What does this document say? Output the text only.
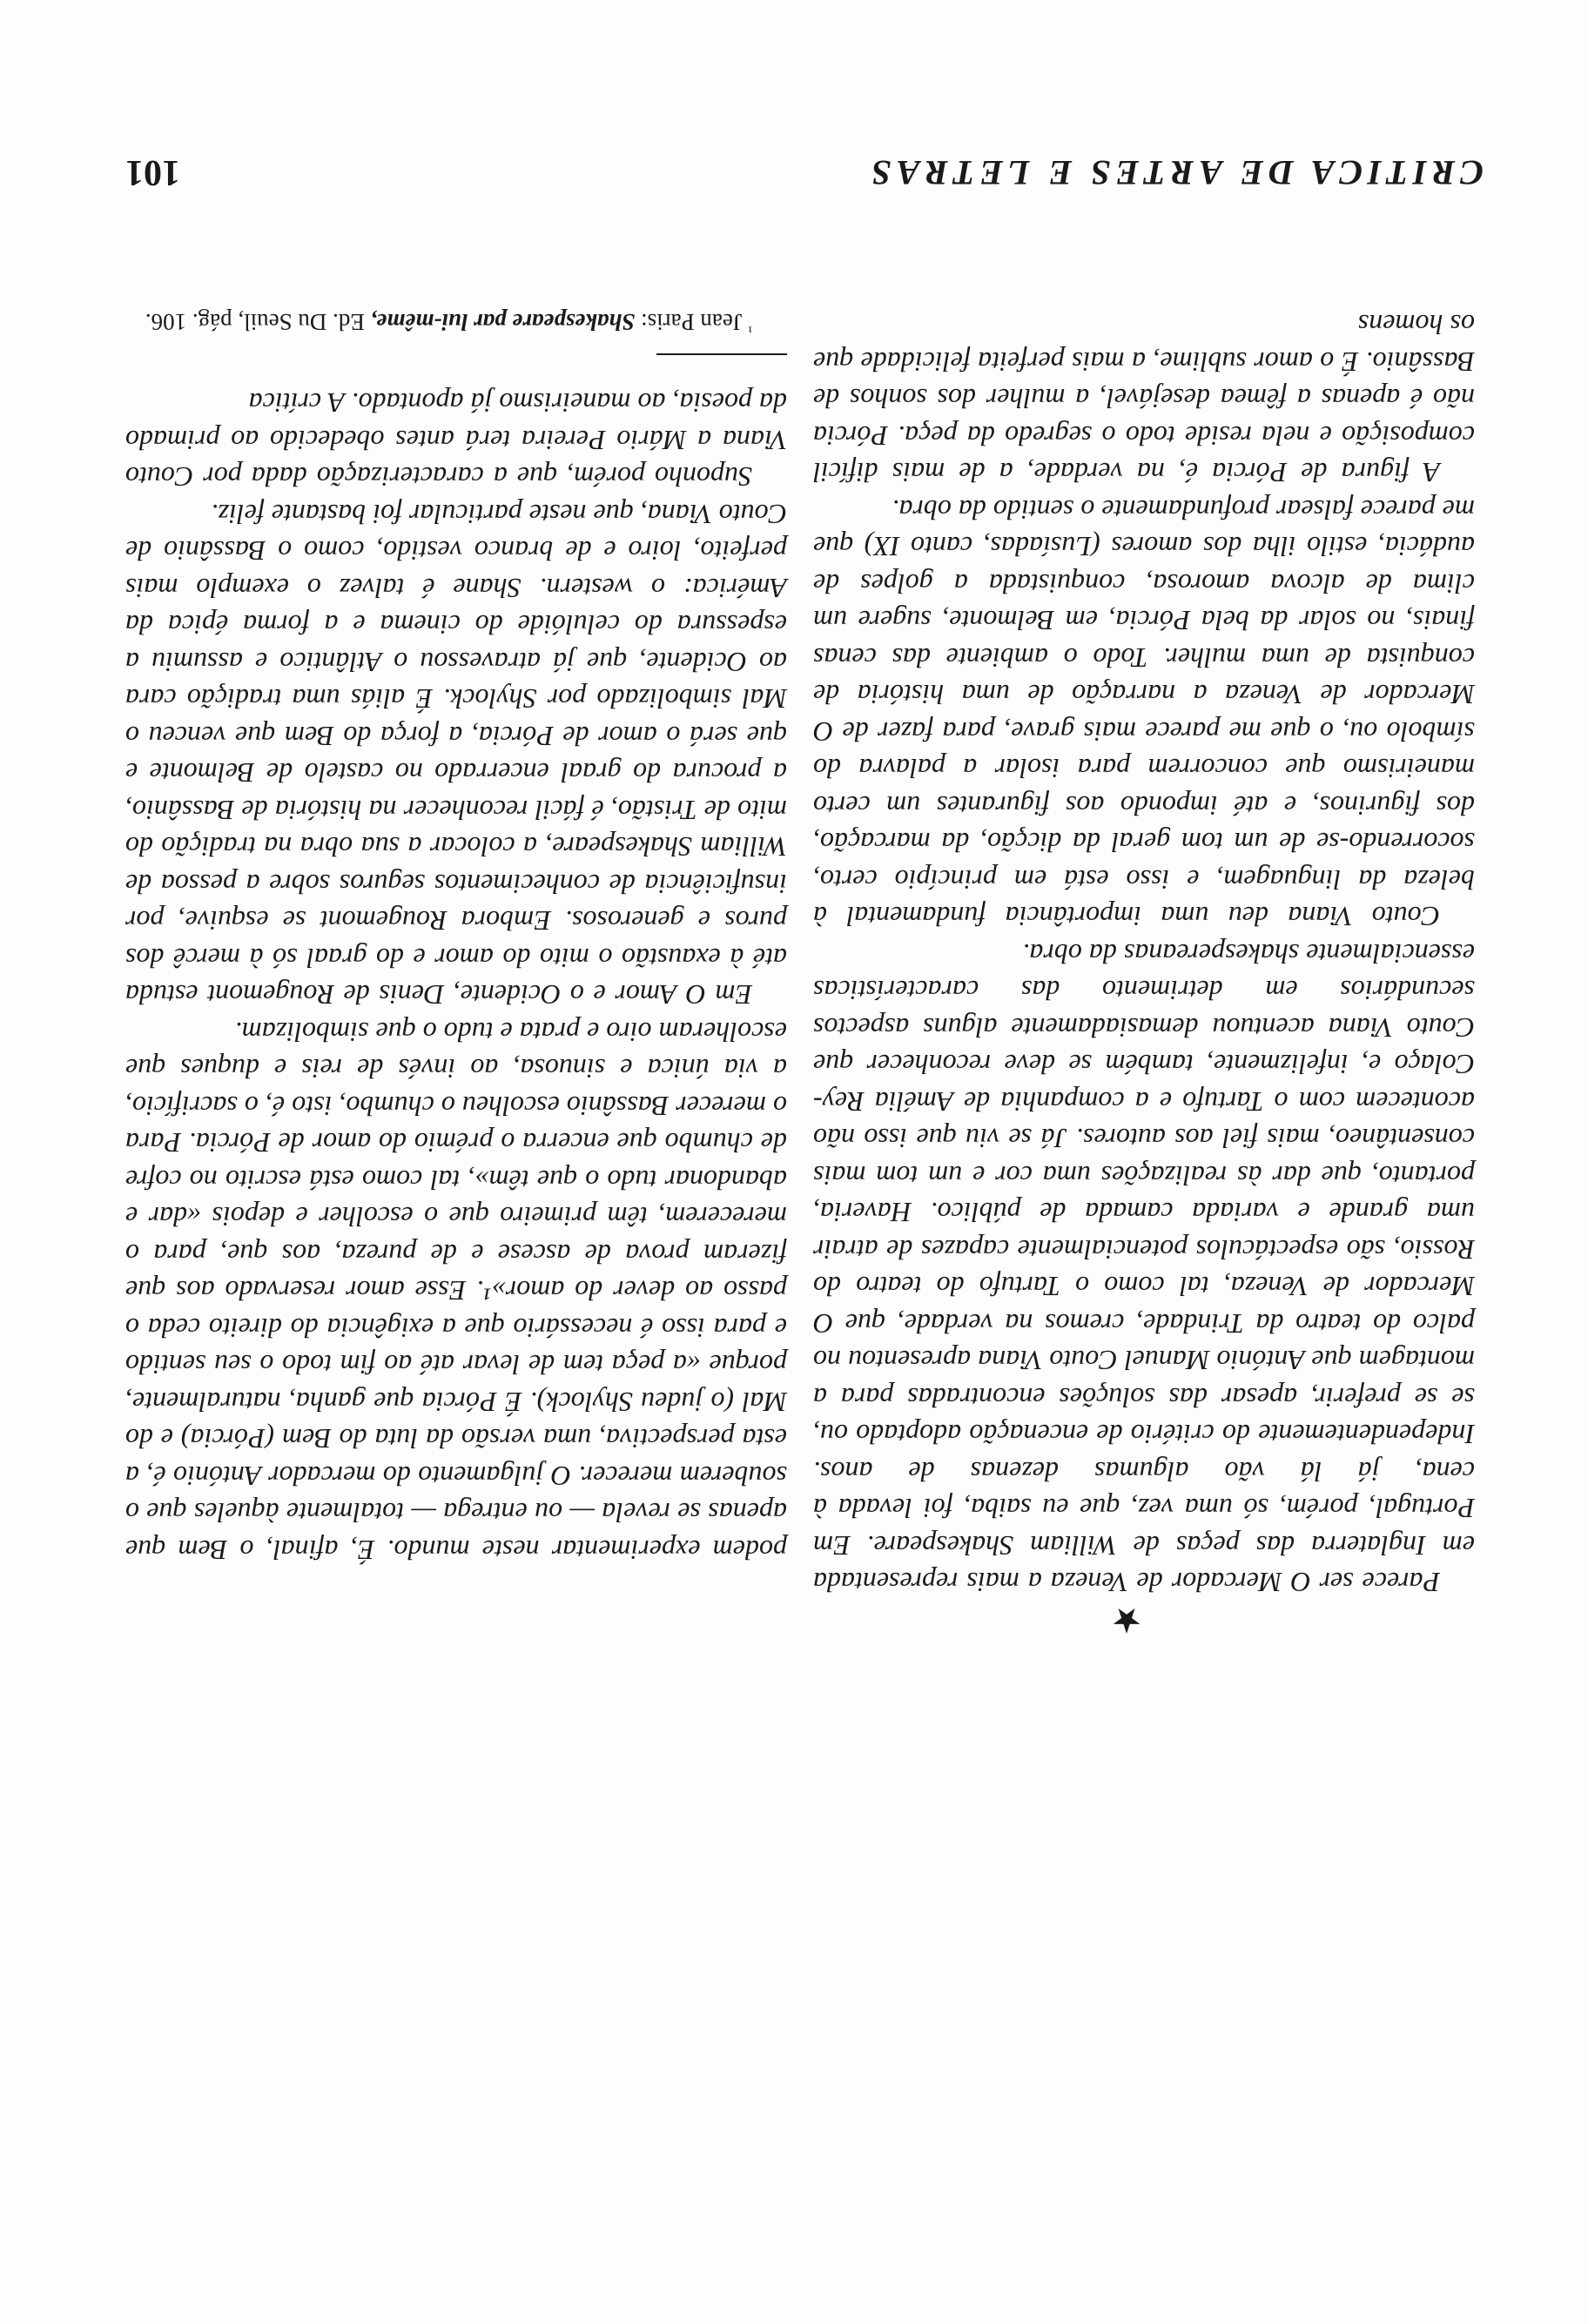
CRITICA DE ARTES E LETRAS
101

★

Parece ser O Mercador de Veneza a mais representada em Inglaterra das peças de William Shakespeare. Em Portugal, porém, só uma vez, que eu saiba, foi levada à cena, já lá vão algumas dezenas de anos. Independentemente do critério de encenação adoptado ou, se se preferir, apesar das soluções encontradas para a montagem que António Manuel Couto Viana apresentou no palco do teatro da Trindade, cremos na verdade, que O Mercador de Veneza, tal como o Tartufo do teatro do Rossio, são espectáculos potencialmente capazes de atrair uma grande e variada camada de público. Haveria, portanto, que dar às realizações uma cor e um tom mais consentâneo, mais fiel aos autores. Já se viu que isso não acontecem com o Tartufo e a companhia de Amélia Rey-Colaço e, infelizmente, também se deve reconhecer que Couto Viana acentuou demasiadamente alguns aspectos secundários em detrimento das características essencialmente shakespereanas da obra.

Couto Viana deu uma importância fundamental à beleza da linguagem, e isso está em princípio certo, socorrendo-se de um tom geral da dicção, da marcação, dos figurinos, e até impondo aos figurantes um certo maneirismo que concorrem para isolar a palavra do símbolo ou, o que me parece mais grave, para fazer de O Mercador de Veneza a narração de uma história de conquista de uma mulher. Todo o ambiente das cenas finais, no solar da bela Pórcia, em Belmonte, sugere um clima de alcova amorosa, conquistada a golpes de audácia, estilo ilha dos amores (Lusíadas, canto IX) que me parece falsear profundamente o sentido da obra.

A figura de Pórcia é, na verdade, a de mais difícil composição e nela reside todo o segredo da peça. Pórcia não é apenas a fêmea desejável, a mulher dos sonhos de Bassânio. É o amor sublime, a mais perfeita felicidade que os homens

podem experimentar neste mundo. É, afinal, o Bem que apenas se revela — ou entrega — totalmente àqueles que o souberem merecer. O julgamento do mercador António é, a esta perspectiva, uma versão da luta do Bem (Pórcia) e do Mal (o judeu Shylock). É Pórcia que ganha, naturalmente, porque «a peça tem de levar até ao fim todo o seu sentido e para isso é necessário que a exigência do direito ceda o passo ao dever do amor»¹. Esse amor reservado aos que fizeram prova de ascese e de pureza, aos que, para o merecerem, têm primeiro que o escolher e depois «dar e abandonar tudo o que têm», tal como está escrito no cofre de chumbo que encerra o prémio do amor de Pórcia. Para o merecer Bassânio escolheu o chumbo, isto é, o sacrifício, a via única e sinuosa, ao invés de reis e duques que escolheram oiro e prata e tudo o que simbolizam.

Em O Amor e o Ocidente, Denis de Rougemont estuda até à exaustão o mito do amor e do graal só à mercê dos puros e generosos. Embora Rougemont se esquive, por insuficiência de conhecimentos seguros sobre a pessoa de William Shakespeare, a colocar a sua obra na tradição do mito de Tristão, é fácil reconhecer na história de Bassânio, a procura do graal encerrado no castelo de Belmonte e que será o amor de Pórcia, a força do Bem que venceu o Mal simbolizado por Shylock. É aliás uma tradição cara ao Ocidente, que já atravessou o Atlântico e assumiu a espessura do celulóide do cinema e a forma épica da América: o western. Shane é talvez o exemplo mais perfeito, loiro e de branco vestido, como o Bassânio de Couto Viana, que neste particular foi bastante feliz.

Suponho porém, que a caracterização dada por Couto Viana a Mário Pereira terá antes obedecido ao primado da poesia, ao maneirismo já apontado. A crítica

$^{^1}$ Jean Paris: Shakespeare par lui-même, Ed. Du Seuil, pág. 106.
